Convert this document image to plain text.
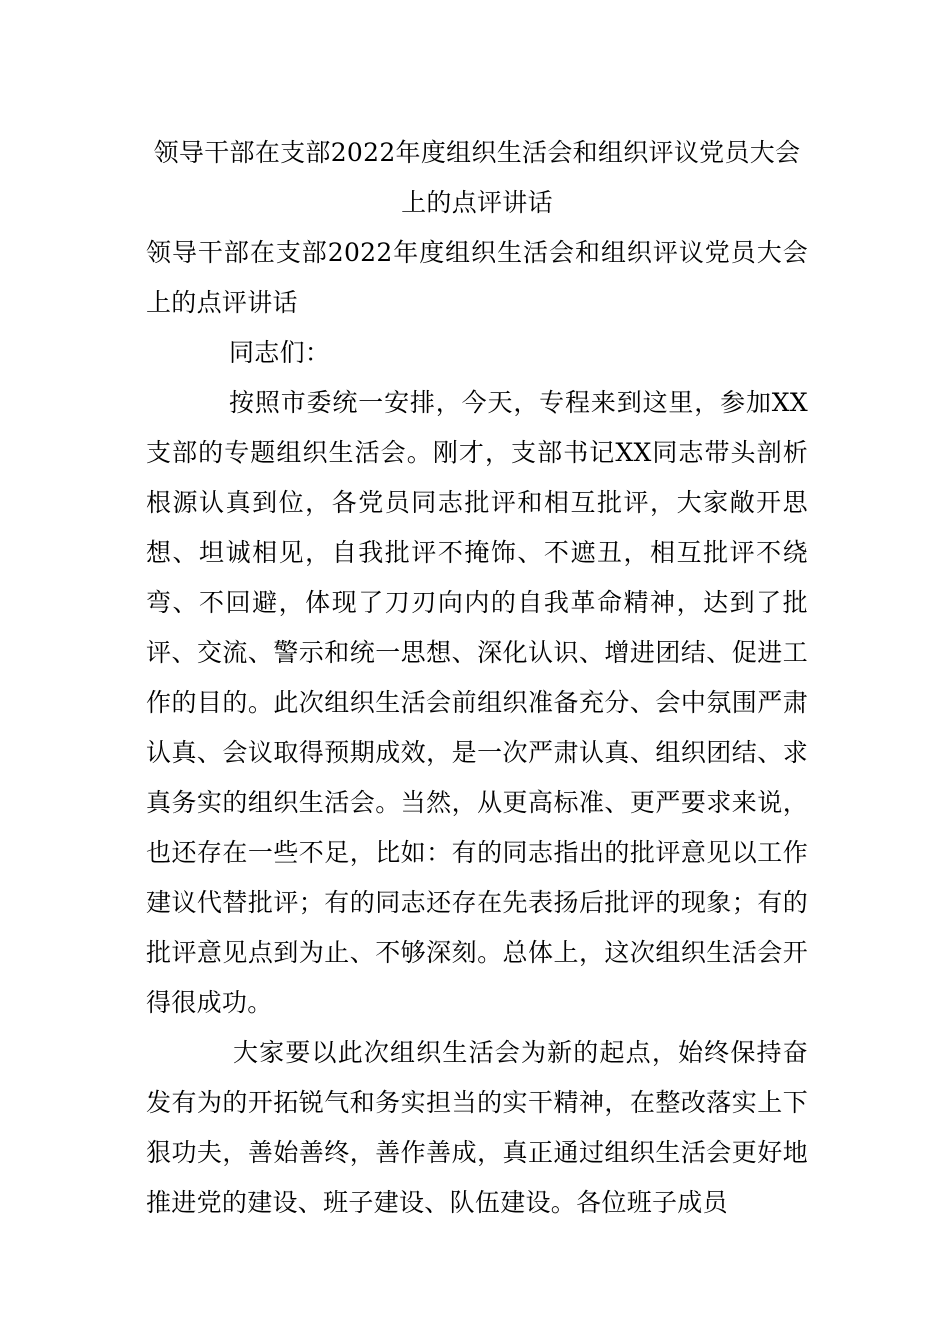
领导干部在支部2022年度组织生活会和组织评议党员大会上的点评讲话

领导干部在支部2022年度组织生活会和组织评议党员大会上的点评讲话

同志们：

按照市委统一安排，今天，专程来到这里，参加XX支部的专题组织生活会。刚才，支部书记XX同志带头剖析根源认真到位，各党员同志批评和相互批评，大家敞开思想、坦诚相见，自我批评不掩饰、不遮丑，相互批评不绕弯、不回避，体现了刀刃向内的自我革命精神，达到了批评、交流、警示和统一思想、深化认识、增进团结、促进工作的目的。此次组织生活会前组织准备充分、会中氛围严肃认真、会议取得预期成效，是一次严肃认真、组织团结、求真务实的组织生活会。当然，从更高标准、更严要求来说，也还存在一些不足，比如：有的同志指出的批评意见以工作建议代替批评；有的同志还存在先表扬后批评的现象；有的批评意见点到为止、不够深刻。总体上，这次组织生活会开得很成功。

大家要以此次组织生活会为新的起点，始终保持奋发有为的开拓锐气和务实担当的实干精神，在整改落实上下狠功夫，善始善终，善作善成，真正通过组织生活会更好地推进党的建设、班子建设、队伍建设。各位班子成员
